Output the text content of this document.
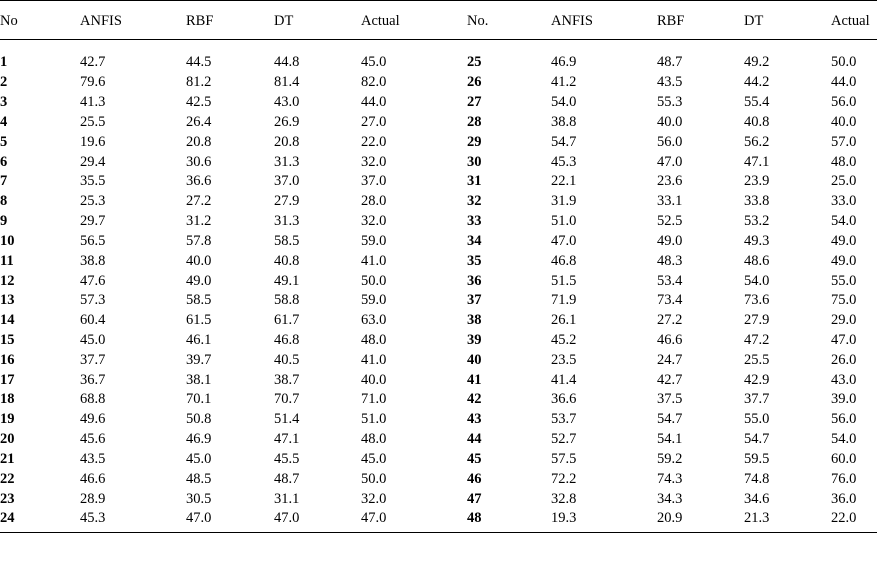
No	ANFIS	RBF	DT	Actual	No.	ANFIS	RBF	DT	Actual

1	42.7	44.5	44.8	45.0	25	46.9	48.7	49.2	50.0
2	79.6	81.2	81.4	82.0	26	41.2	43.5	44.2	44.0
3	41.3	42.5	43.0	44.0	27	54.0	55.3	55.4	56.0
4	25.5	26.4	26.9	27.0	28	38.8	40.0	40.8	40.0
5	19.6	20.8	20.8	22.0	29	54.7	56.0	56.2	57.0
6	29.4	30.6	31.3	32.0	30	45.3	47.0	47.1	48.0
7	35.5	36.6	37.0	37.0	31	22.1	23.6	23.9	25.0
8	25.3	27.2	27.9	28.0	32	31.9	33.1	33.8	33.0
9	29.7	31.2	31.3	32.0	33	51.0	52.5	53.2	54.0
10	56.5	57.8	58.5	59.0	34	47.0	49.0	49.3	49.0
11	38.8	40.0	40.8	41.0	35	46.8	48.3	48.6	49.0
12	47.6	49.0	49.1	50.0	36	51.5	53.4	54.0	55.0
13	57.3	58.5	58.8	59.0	37	71.9	73.4	73.6	75.0
14	60.4	61.5	61.7	63.0	38	26.1	27.2	27.9	29.0
15	45.0	46.1	46.8	48.0	39	45.2	46.6	47.2	47.0
16	37.7	39.7	40.5	41.0	40	23.5	24.7	25.5	26.0
17	36.7	38.1	38.7	40.0	41	41.4	42.7	42.9	43.0
18	68.8	70.1	70.7	71.0	42	36.6	37.5	37.7	39.0
19	49.6	50.8	51.4	51.0	43	53.7	54.7	55.0	56.0
20	45.6	46.9	47.1	48.0	44	52.7	54.1	54.7	54.0
21	43.5	45.0	45.5	45.0	45	57.5	59.2	59.5	60.0
22	46.6	48.5	48.7	50.0	46	72.2	74.3	74.8	76.0
23	28.9	30.5	31.1	32.0	47	32.8	34.3	34.6	36.0
24	45.3	47.0	47.0	47.0	48	19.3	20.9	21.3	22.0
